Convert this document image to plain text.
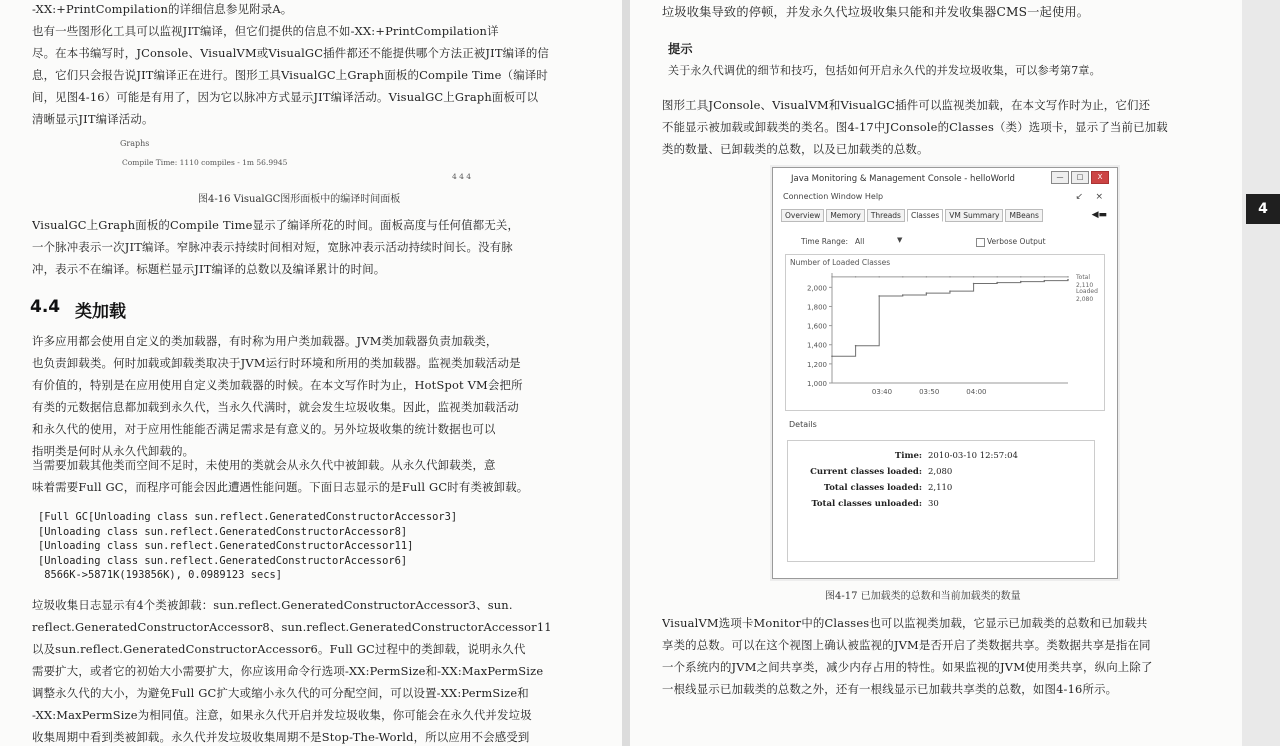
-XX:+PrintCompilation的详细信息参见附录A。

也有一些图形化工具可以监视JIT编译，但它们提供的信息不如-XX:+PrintCompilation详

尽。在本书编写时，JConsole、VisualVM或VisualGC插件都还不能提供哪个方法正被JIT编译的信

息，它们只会报告说JIT编译正在进行。图形工具VisualGC上Graph面板的Compile Time（编译时

间，见图4-16）可能是有用了，因为它以脉冲方式显示JIT编译活动。VisualGC上Graph面板可以

清晰显示JIT编译活动。

Graphs
Compile Time: 1110 compiles - 1m 56.9945
4 4 4
图4-16 VisualGC图形面板中的编译时间面板

VisualGC上Graph面板的Compile Time显示了编译所花的时间。面板高度与任何值都无关，

一个脉冲表示一次JIT编译。窄脉冲表示持续时间相对短，宽脉冲表示活动持续时间长。没有脉

冲，表示不在编译。标题栏显示JIT编译的总数以及编译累计的时间。

4.4 类加载

许多应用都会使用自定义的类加载器，有时称为用户类加载器。JVM类加载器负责加载类，

也负责卸载类。何时加载或卸载类取决于JVM运行时环境和所用的类加载器。监视类加载活动是

有价值的，特别是在应用使用自定义类加载器的时候。在本文写作时为止，HotSpot VM会把所

有类的元数据信息都加载到永久代，当永久代满时，就会发生垃圾收集。因此，监视类加载活动

和永久代的使用，对于应用性能能否满足需求是有意义的。另外垃圾收集的统计数据也可以

指明类是何时从永久代卸载的。

当需要加载其他类而空间不足时，未使用的类就会从永久代中被卸载。从永久代卸载类，意

味着需要Full GC，而程序可能会因此遭遇性能问题。下面日志显示的是Full GC时有类被卸载。

[Full GC[Unloading class sun.reflect.GeneratedConstructorAccessor3]
[Unloading class sun.reflect.GeneratedConstructorAccessor8]
[Unloading class sun.reflect.GeneratedConstructorAccessor11]
[Unloading class sun.reflect.GeneratedConstructorAccessor6]
8566K->5871K(193856K), 0.0989123 secs]

垃圾收集日志显示有4个类被卸载：sun.reflect.GeneratedConstructorAccessor3、sun.

reflect.GeneratedConstructorAccessor8、sun.reflect.GeneratedConstructorAccessor11

以及sun.reflect.GeneratedConstructorAccessor6。Full GC过程中的类卸载，说明永久代

需要扩大，或者它的初始大小需要扩大，你应该用命令行选项-XX:PermSize和-XX:MaxPermSize

调整永久代的大小，为避免Full GC扩大或缩小永久代的可分配空间，可以设置-XX:PermSize和

-XX:MaxPermSize为相同值。注意，如果永久代开启并发垃圾收集，你可能会在永久代并发垃圾

收集周期中看到类被卸载。永久代并发垃圾收集周期不是Stop-The-World，所以应用不会感受到

垃圾收集导致的停顿，并发永久代垃圾收集只能和并发收集器CMS一起使用。

提示

关于永久代调优的细节和技巧，包括如何开启永久代的并发垃圾收集，可以参考第7章。

图形工具JConsole、VisualVM和VisualGC插件可以监视类加载，在本文写作时为止，它们还

不能显示被加载或卸载类的类名。图4-17中JConsole的Classes（类）选项卡，显示了当前已加载

类的数量、已卸载类的总数，以及已加载类的总数。

图4-17 已加载类的总数和当前加载类的数量

VisualVM选项卡Monitor中的Classes也可以监视类加载，它显示已加载类的总数和已加载共

享类的总数。可以在这个视图上确认被监视的JVM是否开启了类数据共享。类数据共享是指在同

一个系统内的JVM之间共享类，减少内存占用的特性。如果监视的JVM使用类共享，纵向上除了

一根线显示已加载类的总数之外，还有一根线显示已加载共享类的总数，如图4-16所示。

4
Java Monitoring & Management Console - helloWorld	—	□	X
Connection Window Help	↙ ×
Overview	Memory	Threads	Classes	VM Summary	MBeans	◀▬
Time Range: All	▼	Verbose Output
Number of Loaded Classes
1,000
1,200
1,400
1,600
1,800
2,000
03:40	03:50	04:00
Total
2,110
Loaded
2,080
Details
Time: 2010-03-10 12:57:04
Current classes loaded: 2,080
Total classes loaded: 2,110
Total classes unloaded: 30
